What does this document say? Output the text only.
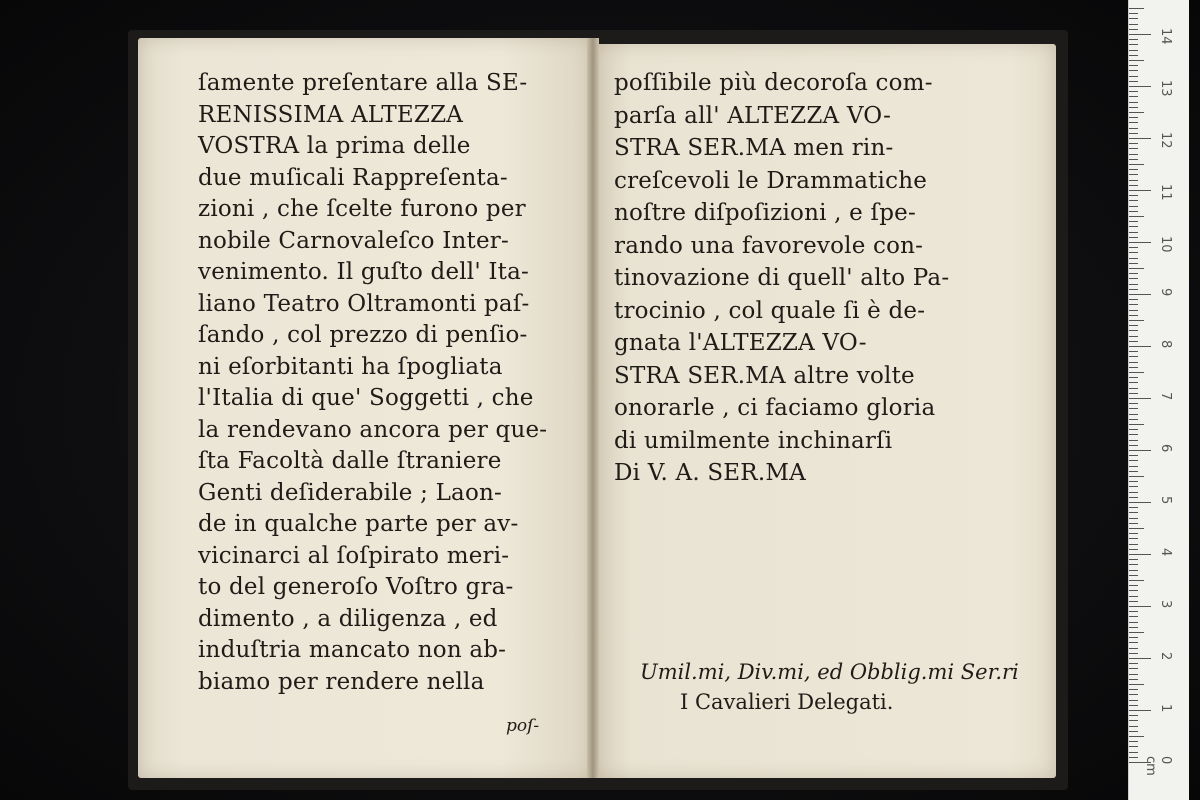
ſamente preſentare alla SE-
RENISSIMA ALTEZZA
VOSTRA la prima delle
due muſicali Rappreſenta-
zioni , che ſcelte furono per
nobile Carnovaleſco Inter-
venimento. Il guſto dell' Ita-
liano Teatro Oltramonti paſ-
ſando , col prezzo di penſio-
ni eſorbitanti ha ſpogliata
l'Italia di que' Soggetti , che
la rendevano ancora per que-
ſta Facoltà dalle ſtraniere
Genti deſiderabile ; Laon-
de in qualche parte per av-
vicinarci al ſoſpirato meri-
to del generoſo Voſtro gra-
dimento , a diligenza , ed
induſtria mancato non ab-
biamo per rendere nella
poſ-
poſſibile più decoroſa com-
parſa all' ALTEZZA VO-
STRA SER.MA men rin-
creſcevoli le Drammatiche
noſtre diſpoſizioni , e ſpe-
rando una favorevole con-
tinovazione di quell' alto Pa-
trocinio , col quale ſi è de-
gnata l'ALTEZZA VO-
STRA SER.MA altre volte
onorarle , ci faciamo gloria
di umilmente inchinarſi
Di V. A. SER.MA
Umil.mi, Div.mi, ed Obblig.mi Ser.ri
I Cavalieri Delegati.
14
13
12
11
10
9
8
7
6
5
4
3
2
1
0 cm
